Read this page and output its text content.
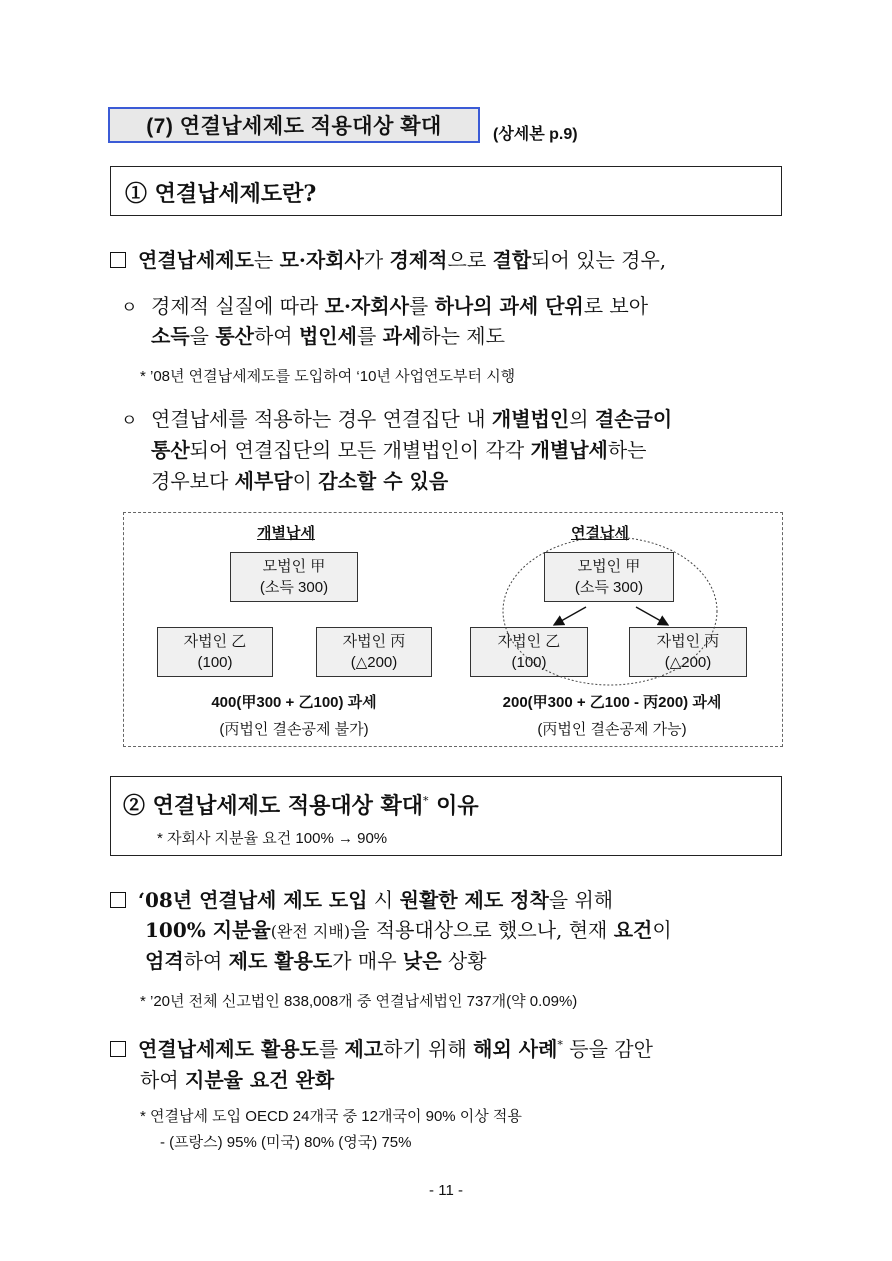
(7) 연결납세제도 적용대상 확대	(상세본 p.9)
① 연결납세제도란?
연결납세제도는 모·자회사가 경제적으로 결합되어 있는 경우,
ㅇ 경제적 실질에 따라 모·자회사를 하나의 과세 단위로 보아
소득을 통산하여 법인세를 과세하는 제도
* ’08년 연결납세제도를 도입하여 ‘10년 사업연도부터 시행
ㅇ 연결납세를 적용하는 경우 연결집단 내 개별법인의 결손금이
통산되어 연결집단의 모든 개별법인이 각각 개별납세하는
경우보다 세부담이 감소할 수 있음
개별납세	연결납세
모법인 甲
(소득 300)
자법인 乙
(100)
자법인 丙
(△200)
모법인 甲
(소득 300)
자법인 乙
(100)
자법인 丙
(△200)
400(甲300 + 乙100) 과세
(丙법인 결손공제 불가)
200(甲300 + 乙100 - 丙200) 과세
(丙법인 결손공제 가능)
② 연결납세제도 적용대상 확대* 이유
* 자회사 지분율 요건 100% → 90%
‘08년 연결납세 제도 도입 시 원활한 제도 정착을 위해
100% 지분율(완전 지배)을 적용대상으로 했으나, 현재 요건이
엄격하여 제도 활용도가 매우 낮은 상황
* ’20년 전체 신고법인 838,008개 중 연결납세법인 737개(약 0.09%)
연결납세제도 활용도를 제고하기 위해 해외 사례* 등을 감안
하여 지분율 요건 완화
* 연결납세 도입 OECD 24개국 중 12개국이 90% 이상 적용
- (프랑스) 95% (미국) 80% (영국) 75%
- 11 -
